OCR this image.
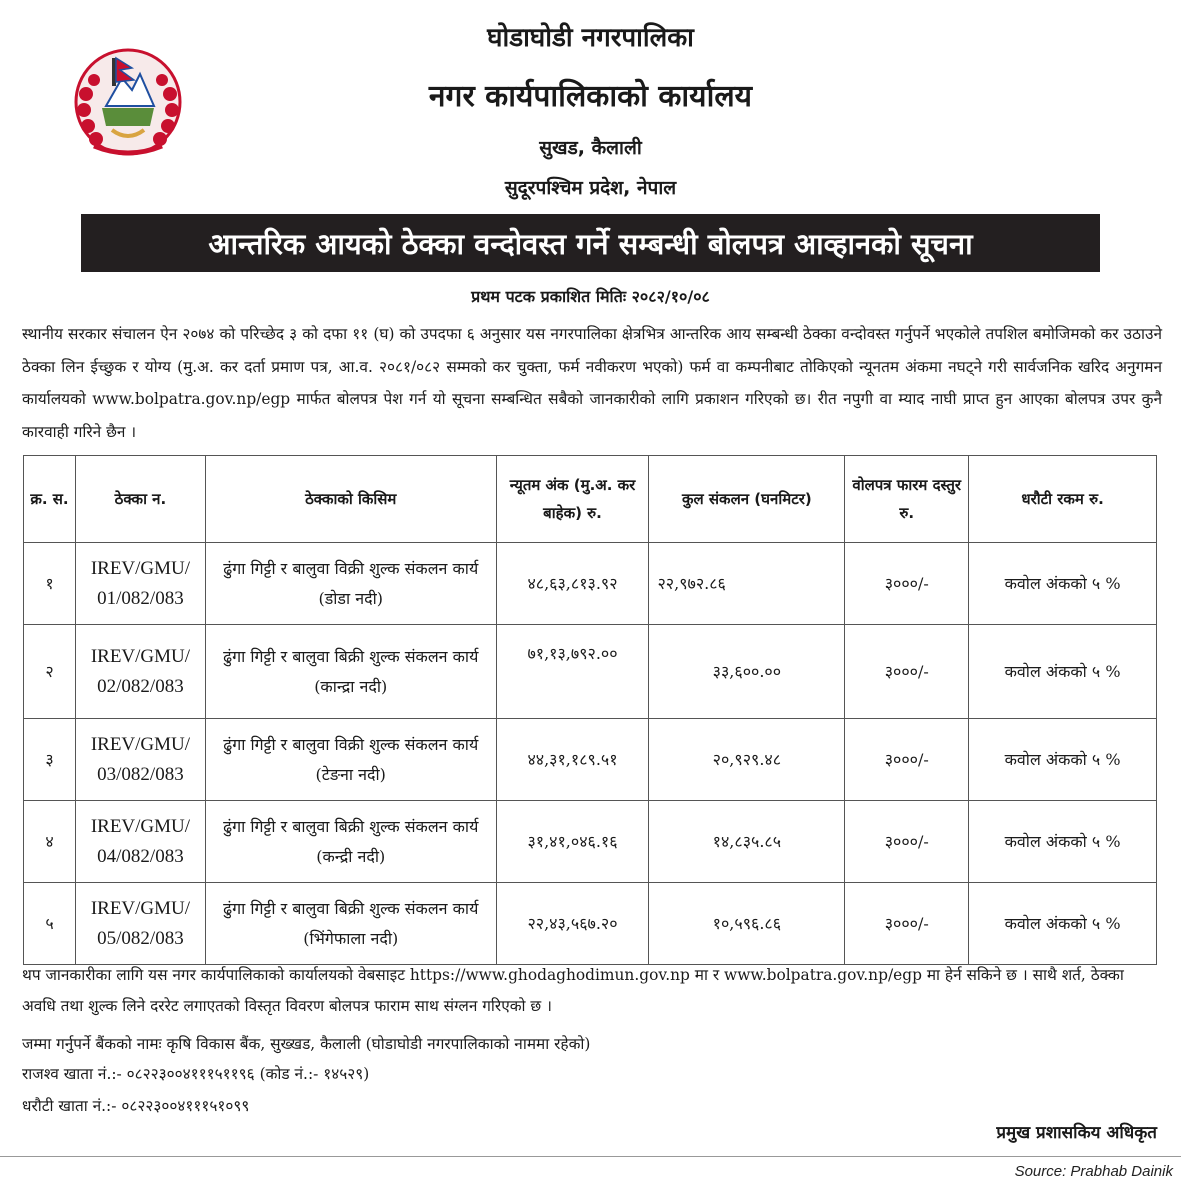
घोडाघोडी नगरपालिका
नगर कार्यपालिकाको कार्यालय
सुखड, कैलाली
सुदूरपश्चिम प्रदेश, नेपाल
आन्तरिक आयको ठेक्का वन्दोवस्त गर्ने सम्बन्धी बोलपत्र आव्हानको सूचना
प्रथम पटक प्रकाशित मितिः २०८२/१०/०८
स्थानीय सरकार संचालन ऐन २०७४ को परिच्छेद ३ को दफा ११ (घ) को उपदफा ६ अनुसार यस नगरपालिका क्षेत्रभित्र आन्तरिक आय सम्बन्धी ठेक्का वन्दोवस्त गर्नुपर्ने भएकोले तपशिल बमोजिमको कर उठाउने ठेक्का लिन ईच्छुक र योग्य (मु.अ. कर दर्ता प्रमाण पत्र, आ.व. २०८१/०८२ सम्मको कर चुक्ता, फर्म नवीकरण भएको) फर्म वा कम्पनीबाट तोकिएको न्यूनतम अंकमा नघट्ने गरी सार्वजनिक खरिद अनुगमन कार्यालयको www.bolpatra.gov.np/egp मार्फत बोलपत्र पेश गर्न यो सूचना सम्बन्धित सबैको जानकारीको लागि प्रकाशन गरिएको छ। रीत नपुगी वा म्याद नाघी प्राप्त हुन आएका बोलपत्र उपर कुनै कारवाही गरिने छैन ।
क्र. स.	ठेक्का न.	ठेक्काको किसिम	न्यूतम अंक (मु.अ. कर बाहेक) रु.	कुल संकलन (घनमिटर)	वोलपत्र फारम दस्तुर रु.	धरौटी रकम रु.
१	IREV/GMU/ 01/082/083	ढुंगा गिट्टी र बालुवा विक्री शुल्क संकलन कार्य (डोडा नदी)	४८,६३,८१३.९२	२२,९७२.८६	३०००/-	कवोल अंकको ५ %
२	IREV/GMU/ 02/082/083	ढुंगा गिट्टी र बालुवा बिक्री शुल्क संकलन कार्य (कान्द्रा नदी)	७१,१३,७९२.००	३३,६००.००	३०००/-	कवोल अंकको ५ %
३	IREV/GMU/ 03/082/083	ढुंगा गिट्टी र बालुवा विक्री शुल्क संकलन कार्य (टेङना नदी)	४४,३१,१८९.५१	२०,९२९.४८	३०००/-	कवोल अंकको ५ %
४	IREV/GMU/ 04/082/083	ढुंगा गिट्टी र बालुवा बिक्री शुल्क संकलन कार्य (कन्द्री नदी)	३१,४१,०४६.१६	१४,८३५.८५	३०००/-	कवोल अंकको ५ %
५	IREV/GMU/ 05/082/083	ढुंगा गिट्टी र बालुवा बिक्री शुल्क संकलन कार्य (भिंगेफाला नदी)	२२,४३,५६७.२०	१०,५९६.८६	३०००/-	कवोल अंकको ५ %
थप जानकारीका लागि यस नगर कार्यपालिकाको कार्यालयको वेबसाइट https://www.ghodaghodimun.gov.np मा र www.bolpatra.gov.np/egp मा हेर्न सकिने छ । साथै शर्त, ठेक्का अवधि तथा शुल्क लिने दररेट लगाएतको विस्तृत विवरण बोलपत्र फाराम साथ संग्लन गरिएको छ ।
जम्मा गर्नुपर्ने बैंकको नामः कृषि विकास बैंक, सुख्खड, कैलाली (घोडाघोडी नगरपालिकाको नाममा रहेको)
राजश्व खाता नं.:- ०८२२३००४१११५११९६ (कोड नं.:- १४५२९)
धरौटी खाता नं.:- ०८२२३००४१११५१०९९
प्रमुख प्रशासकिय अधिकृत
Source: Prabhab Dainik
